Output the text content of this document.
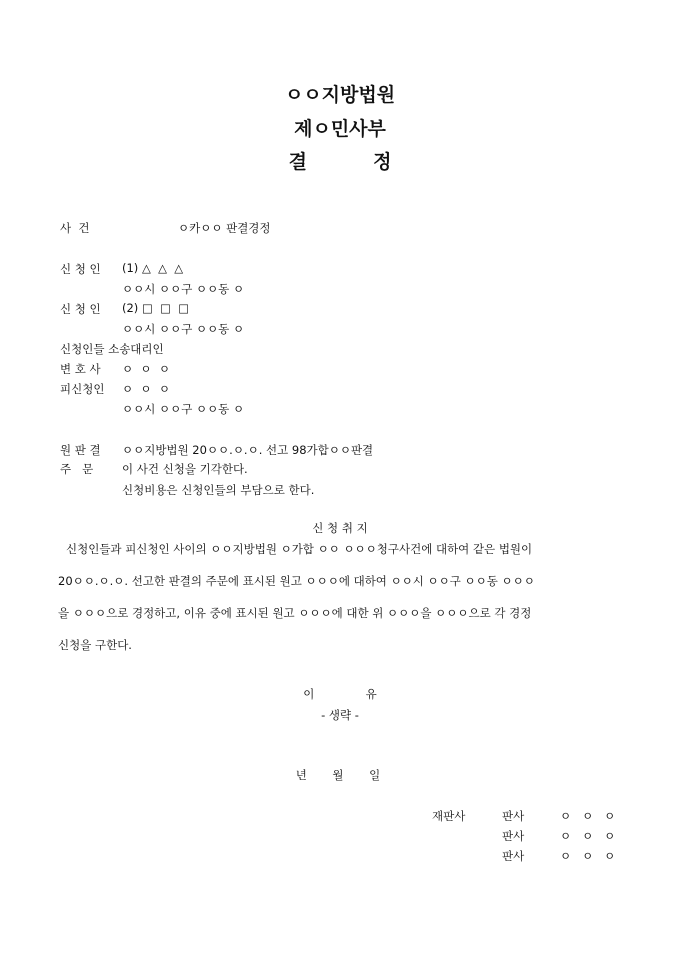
ㅇㅇ지방법원
제ㅇ민사부
결          정
사  건	ㅇ카ㅇㅇ 판결경정
신 청 인 (1) △  △  △
ㅇㅇ시 ㅇㅇ구 ㅇㅇ동 ㅇ
신 청 인 (2) □  □  □
ㅇㅇ시 ㅇㅇ구 ㅇㅇ동 ㅇ
신청인들 소송대리인
변 호 사 ㅇ  ㅇ  ㅇ
피신청인 ㅇ  ㅇ  ㅇ
ㅇㅇ시 ㅇㅇ구 ㅇㅇ동 ㅇ
원 판 결 ㅇㅇ지방법원 20ㅇㅇ.ㅇ.ㅇ. 선고 98가합ㅇㅇ판결
주   문	이 사건 신청을 기각한다.
신청비용은 신청인들의 부담으로 한다.
신 청 취 지
신청인들과 피신청인 사이의 ㅇㅇ지방법원 ㅇ가합 ㅇㅇ ㅇㅇㅇ청구사건에 대하여 같은 법원이
20ㅇㅇ.ㅇ.ㅇ. 선고한 판결의 주문에 표시된 원고 ㅇㅇㅇ에 대하여 ㅇㅇ시 ㅇㅇ구 ㅇㅇ동 ㅇㅇㅇ
을 ㅇㅇㅇ으로 경정하고, 이유 중에 표시된 원고 ㅇㅇㅇ에 대한 위 ㅇㅇㅇ을 ㅇㅇㅇ으로 각 경정
신청을 구한다.
이              유
- 생략 -
년       월       일
재판사	판사	ㅇ   ㅇ   ㅇ
판사	ㅇ   ㅇ   ㅇ
판사	ㅇ   ㅇ   ㅇ
